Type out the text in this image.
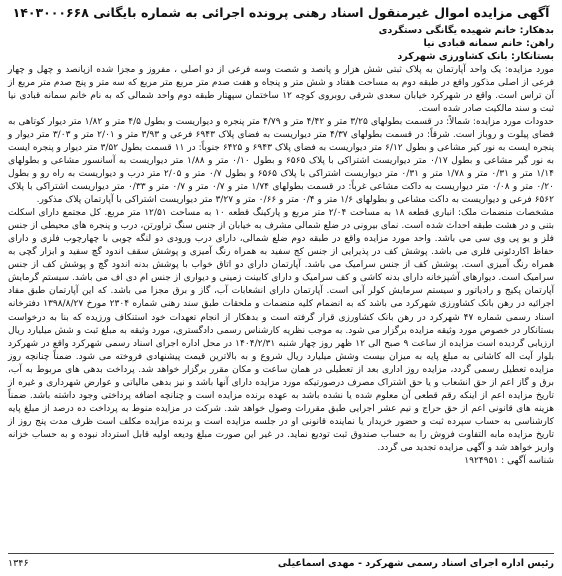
آگهی مزایده اموال غیرمنقول اسناد رهنی پرونده اجرائی به شماره بایگانی ۱۴۰۳۰۰۰۶۶۸
بدهکار: خانم شهیده یگانگی دستگردی
راهن: خانم سمانه قبادی نیا
بستانکار: بانک کشاورزی شهرکرد

مورد مزایده: یک واحد آپارتمان به پلاک ثبتی شش هزار و پانصد و شصت وسه فرعی از دو اصلی ، مفروز و مجزا شده ازپانصد و چهل و چهار فرعی از اصلی مذکور واقع در طبقه دوم به مساحت هفتاد و شش متر و پنجاه و هفت صدم متر مربع متر مربع که سه متر و پنج صدم متر مربع از آن تراس است. واقع در شهرکرد خیابان سعدی شرقی روبروی کوچه ۱۲ ساختمان سپهتار طبقه دوم واحد شمالی که به نام خانم سمانه قبادی نیا ثبت و سند مالکیت صادر شده است.

حدودات مورد مزایده: شمالاً: در قسمت بطولهای ۳/۲۵ متر و ۴/۴۲ متر و ۴/۷۹ متر پنجره و دیواریست و بطول ۴/۵ متر و ۱/۸۲ متر دیوار کوتاهی به فضای پیلوت و روباز است. شرقاً: در قسمت بطولهای ۴/۳۷ متر دیواریست به فضای پلاک ۶۹۴۳ فرعی و ۳/۹۳ متر و ۲/۰۱ متر و ۳/۰۳ متر دیوار و پنجره ایست به نور کیر مشاعی و بطول ۶/۱۲ متر دیواریست به فضای پلاک ۶۹۴۳ و ۶۴۲۵ جنوباً: در ۱۱ قسمت بطول ۳/۵۲ متر دیوار و پنجره ایست به نور گیر مشاعی و بطول ۰/۱۷ متر دیواریست اشتراکی با پلاک ۶۵۶۵ و بطول ۰/۱۰ متر و ۱/۸۸ متر دیواریست به آسانسور مشاعی و بطولهای ۱/۱۴ متر و ۰/۳۱ متر و ۱/۷۸ متر و ۰/۳۱ متر دیواریست اشتراکی با پلاک ۶۵۶۵ و بطول ۰/۷ متر و ۲/۰۵ متر درب و دیواریست به راه رو و بطول ۰/۲۰ متر و ۰/۰۸ متر دیواریست به داکت مشاعی غرباً: در قسمت بطولهای ۱/۷۴ متر و ۰/۷ متر و ۰/۷ متر و ۰/۳۳ متر دیواریست اشتراکی با پلاک ۶۵۶۲ فرعی و دیواریست به داکت مشاعی و بطولهای ۱/۶ متر و ۰/۴ متر و ۰/۶۶ متر و ۳/۲۷ متر دیواریست اشتراکی با آپارتمان پلاک مذکور.

مشخصات منضمات ملک: انباری قطعه ۱۸ به مساحت ۲/۰۴ متر مربع و پارکینگ قطعه ۱۰ به مساحت ۱۲/۵۱ متر مربع. کل مجتمع دارای اسکلت بتنی و در هشت طبقه احداث شده است. نمای بیرونی در ضلع شمالی مشرف به خیابان از جنس سنگ تراورتن، درب و پنجره های محیطی از جنس فلز و یو پی وی سی می باشد. واحد مورد مزایده واقع در طبقه دوم ضلع شمالی، دارای درب ورودی دو لنگه چوبی با چهارچوب فلزی و دارای حفاظ اکاردئونی فلزی می باشد. پوشش کف در پذیرایی از جنس کج سفید به همراه رنگ آمیزی و پوشش سقف اندود گچ سفید و ابزار گچی به همراه رنگ آمیزی است. پوشش کف از جنس سرامیک می باشد. آپارتمان دارای دو اتاق خواب با پوشش بدنه اندود گچ و پوشش کف از جنس سرامیک است. دیوارهای آشپزخانه دارای بدنه کاشی و کف سرامیک و دارای کابینت زمینی و دیواری از جنس ام دی اف می باشد. سیستم گرمایش آپارتمان پکیج و رادیاتور و سیستم سرمایش کولر آبی است. آپارتمان دارای انشعابات آب، گاز و برق مجزا می باشد. که این آپارتمان طبق مفاد اجرائیه در رهن بانک کشاورزی شهرکرد می باشد که به انضمام کلیه منضمات و ملحقات طبق سند رهنی شماره ۲۳۰۴ مورخ ۱۳۹۸/۸/۲۷ دفترخانه اسناد رسمی شماره ۴۷ شهرکرد در رهن بانک کشاورزی قرار گرفته است و بدهکار از انجام تعهدات خود استنکاف ورزیده که بنا به درخواست بستانکار در خصوص مورد وثیقه مزایده برگزار می شود. به موجب نظریه کارشناس رسمی دادگستری، مورد وثیقه به مبلغ ثبت و شش میلیارد ریال ارزیابی گردیده است مزایده از ساعت ۹ صبح الی ۱۲ ظهر روز چهار شنبه ۱۴۰۴/۲/۳۱ در محل اداره اجرای اسناد رسمی شهرکرد واقع در شهرکرد بلوار آیت اله کاشانی به مبلغ پایه به میزان بیست وشش میلیارد ریال شروع و به بالاترین قیمت پیشنهادی فروخته می شود. ضمناً چنانچه روز مزایده تعطیل رسمی گردد، مزایده روز اداری بعد از تعطیلی در همان ساعت و مکان مقرر برگزار خواهد شد. پرداخت بدهی های مربوط به آب، برق و گاز اعم از حق انشعاب و یا حق اشتراک مصرف درصورتیکه مورد مزایده دارای آنها باشد و نیز بدهی مالیاتی و عوارض شهرداری و غیره از تاریخ مزایده اعم از اینکه رقم قطعی آن معلوم شده یا نشده باشد به عهده برنده مزایده است و چنانچه اضافه پرداختی وجود داشته باشد. ضمناً هزینه های قانونی اعم از حق حراج و نیم عشر اجرایی طبق مقررات وصول خواهد شد. شرکت در مزایده منوط به پرداخت ده درصد از مبلغ پایه کارشناسی به حساب سپرده ثبت و حضور خریدار یا نماینده قانونی او در جلسه مزایده است و برنده مزایده مکلف است ظرف مدت پنج روز از تاریخ مزایده مابه التفاوت فروش را به حساب صندوق ثبت تودیع نماید. در غیر این صورت مبلغ ودیعه اولیه قابل استرداد نبوده و به حساب خزانه واریز خواهد شد و آگهی مزایده تجدید می گردد.

شناسه آگهی : ۱۹۲۴۹۵۱

رئیس اداره اجرای اسناد رسمی شهرکرد - مهدی اسماعیلی
۱۳۴۶
